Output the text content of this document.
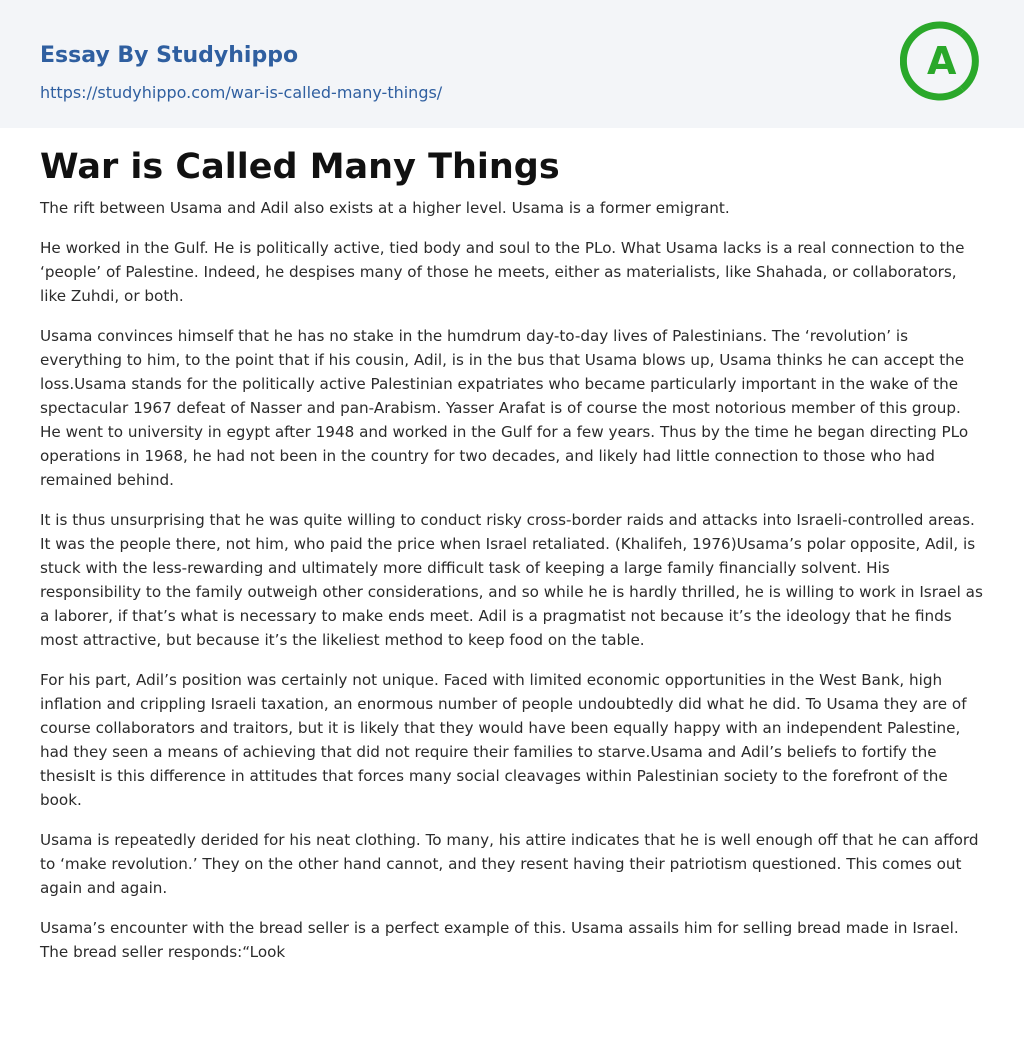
Essay By Studyhippo
https://studyhippo.com/war-is-called-many-things/
A
War is Called Many Things

The rift between Usama and Adil also exists at a higher level. Usama is a former emigrant.

He worked in the Gulf. He is politically active, tied body and soul to the PLo. What Usama lacks is a real connection to the ‘people’ of Palestine. Indeed, he despises many of those he meets, either as materialists, like Shahada, or collaborators, like Zuhdi, or both.

Usama convinces himself that he has no stake in the humdrum day-to-day lives of Palestinians. The ‘revolution’ is everything to him, to the point that if his cousin, Adil, is in the bus that Usama blows up, Usama thinks he can accept the loss.Usama stands for the politically active Palestinian expatriates who became particularly important in the wake of the spectacular 1967 defeat of Nasser and pan-Arabism. Yasser Arafat is of course the most notorious member of this group. He went to university in egypt after 1948 and worked in the Gulf for a few years. Thus by the time he began directing PLo operations in 1968, he had not been in the country for two decades, and likely had little connection to those who had remained behind.

It is thus unsurprising that he was quite willing to conduct risky cross-border raids and attacks into Israeli-controlled areas. It was the people there, not him, who paid the price when Israel retaliated. (Khalifeh, 1976)Usama’s polar opposite, Adil, is stuck with the less-rewarding and ultimately more difficult task of keeping a large family financially solvent. His responsibility to the family outweigh other considerations, and so while he is hardly thrilled, he is willing to work in Israel as a laborer, if that’s what is necessary to make ends meet. Adil is a pragmatist not because it’s the ideology that he finds most attractive, but because it’s the likeliest method to keep food on the table.

For his part, Adil’s position was certainly not unique. Faced with limited economic opportunities in the West Bank, high inflation and crippling Israeli taxation, an enormous number of people undoubtedly did what he did. To Usama they are of course collaborators and traitors, but it is likely that they would have been equally happy with an independent Palestine, had they seen a means of achieving that did not require their families to starve.Usama and Adil’s beliefs to fortify the thesisIt is this difference in attitudes that forces many social cleavages within Palestinian society to the forefront of the book.

Usama is repeatedly derided for his neat clothing. To many, his attire indicates that he is well enough off that he can afford to ‘make revolution.’ They on the other hand cannot, and they resent having their patriotism questioned. This comes out again and again.

Usama’s encounter with the bread seller is a perfect example of this. Usama assails him for selling bread made in Israel. The bread seller responds:“Look
